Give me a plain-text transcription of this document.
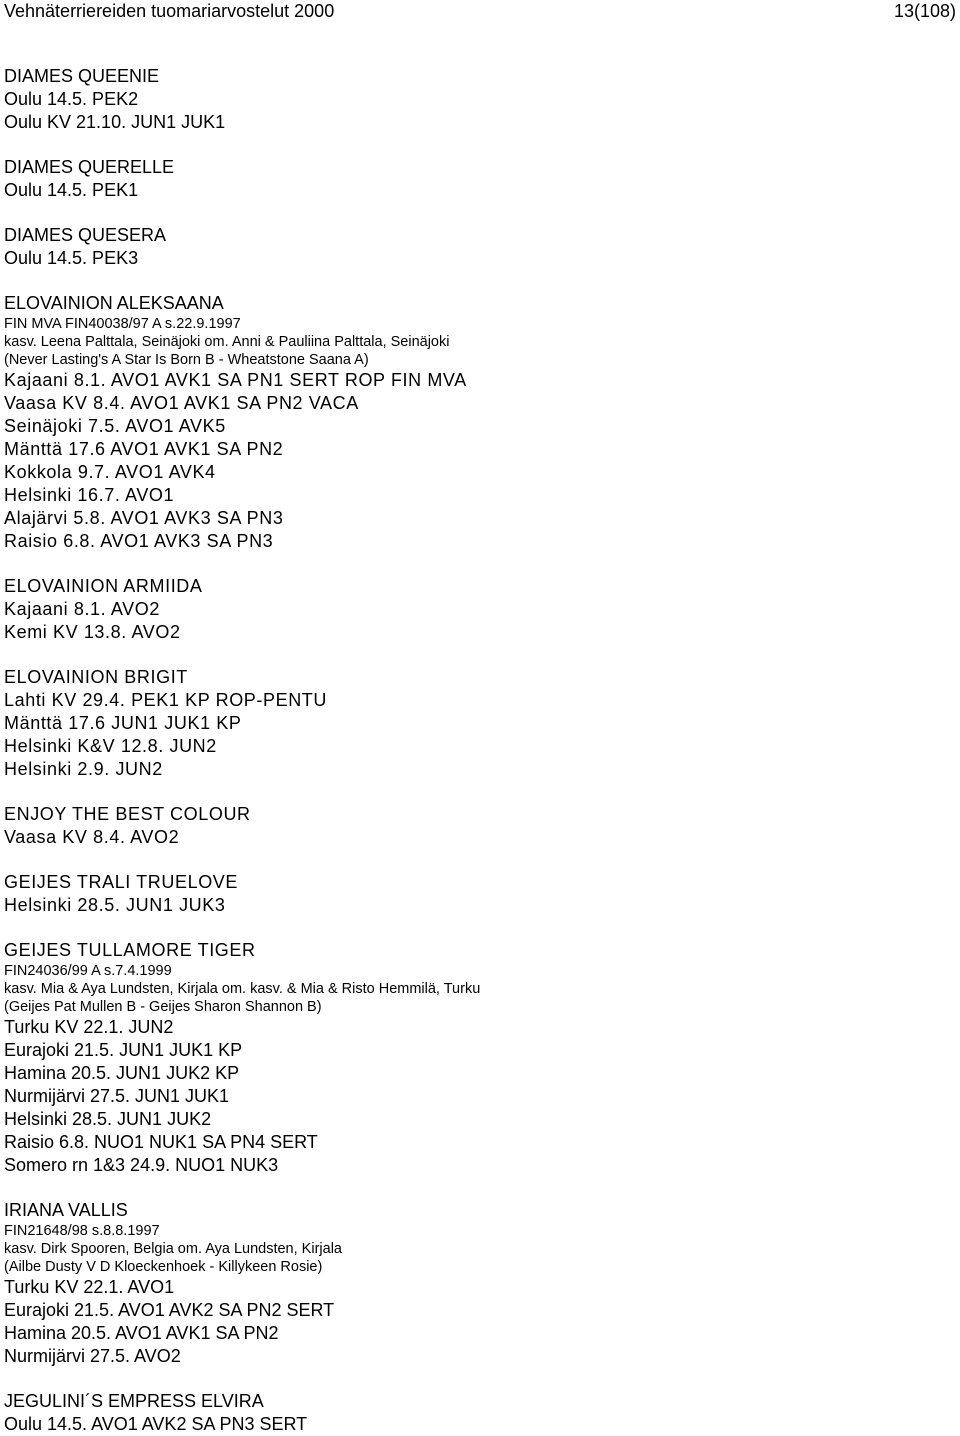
Vehnäterriereiden tuomariarvostelut 2000	13(108)
DIAMES QUEENIE
Oulu 14.5. PEK2
Oulu KV 21.10. JUN1 JUK1
DIAMES QUERELLE
Oulu 14.5. PEK1
DIAMES QUESERA
Oulu 14.5. PEK3
ELOVAINION ALEKSAANA
FIN MVA FIN40038/97 A s.22.9.1997
kasv. Leena Palttala, Seinäjoki om. Anni & Pauliina Palttala, Seinäjoki
(Never Lasting's A Star Is Born B - Wheatstone Saana A)
Kajaani 8.1. AVO1 AVK1 SA PN1 SERT ROP FIN MVA
Vaasa KV 8.4. AVO1 AVK1 SA PN2 VACA
Seinäjoki 7.5. AVO1 AVK5
Mänttä 17.6 AVO1 AVK1 SA PN2
Kokkola 9.7. AVO1 AVK4
Helsinki 16.7. AVO1
Alajärvi 5.8. AVO1 AVK3 SA PN3
Raisio 6.8. AVO1 AVK3 SA PN3
ELOVAINION ARMIIDA
Kajaani 8.1. AVO2
Kemi KV 13.8. AVO2
ELOVAINION BRIGIT
Lahti KV 29.4. PEK1 KP ROP-PENTU
Mänttä 17.6 JUN1 JUK1 KP
Helsinki K&V 12.8. JUN2
Helsinki 2.9. JUN2
ENJOY THE BEST COLOUR
Vaasa KV 8.4. AVO2
GEIJES TRALI TRUELOVE
Helsinki 28.5. JUN1 JUK3
GEIJES TULLAMORE TIGER
FIN24036/99 A s.7.4.1999
kasv. Mia & Aya Lundsten, Kirjala om. kasv. & Mia & Risto Hemmilä, Turku
(Geijes Pat Mullen B - Geijes Sharon Shannon B)
Turku KV 22.1. JUN2
Eurajoki 21.5. JUN1 JUK1 KP
Hamina 20.5. JUN1 JUK2 KP
Nurmijärvi 27.5. JUN1 JUK1
Helsinki 28.5. JUN1 JUK2
Raisio 6.8. NUO1 NUK1 SA PN4 SERT
Somero rn 1&3 24.9. NUO1 NUK3
IRIANA VALLIS
FIN21648/98 s.8.8.1997
kasv. Dirk Spooren, Belgia om. Aya Lundsten, Kirjala
(Ailbe Dusty V D Kloeckenhoek - Killykeen Rosie)
Turku KV 22.1. AVO1
Eurajoki 21.5. AVO1 AVK2 SA PN2 SERT
Hamina 20.5. AVO1 AVK1 SA PN2
Nurmijärvi 27.5. AVO2
JEGULINI´S EMPRESS ELVIRA
Oulu 14.5. AVO1 AVK2 SA PN3 SERT
